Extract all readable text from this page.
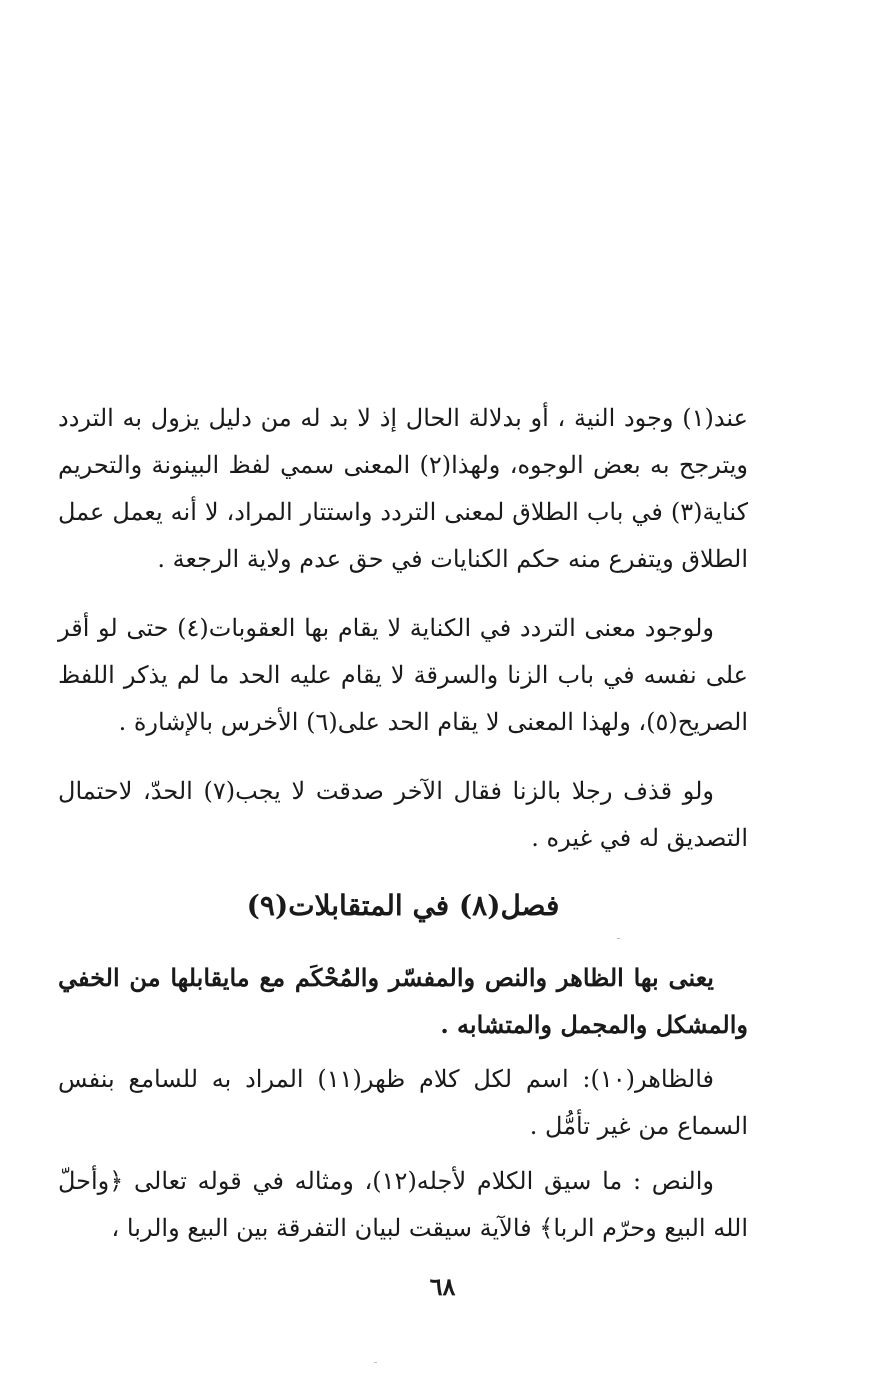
عند(١) وجود النية ، أو بدلالة الحال إذ لا بد له من دليل يزول به التردد ويترجح به بعض الوجوه، ولهذا(٢) المعنى سمي لفظ البينونة والتحريم كناية(٣) في باب الطلاق لمعنى التردد واستتار المراد، لا أنه يعمل عمل الطلاق ويتفرع منه حكم الكنايات في حق عدم ولاية الرجعة .

ولوجود معنى التردد في الكناية لا يقام بها العقوبات(٤) حتى لو أقر على نفسه في باب الزنا والسرقة لا يقام عليه الحد ما لم يذكر اللفظ الصريح(٥)، ولهذا المعنى لا يقام الحد على(٦) الأخرس بالإشارة .

ولو قذف رجلا بالزنا فقال الآخر صدقت لا يجب(٧) الحدّ، لاحتمال التصديق له في غيره .

فصل(٨) في المتقابلات(٩)

يعنى بها الظاهر والنص والمفسّر والمُحْكَم مع مايقابلها من الخفي والمشكل والمجمل والمتشابه .

فالظاهر(١٠): اسم لكل كلام ظهر(١١) المراد به للسامع بنفس السماع من غير تأمُّل .

والنص : ما سيق الكلام لأجله(١٢)، ومثاله في قوله تعالى ﴿وأحلّ الله البيع وحرّم الربا﴾ فالآية سيقت لبيان التفرقة بين البيع والربا ،

٦٨
